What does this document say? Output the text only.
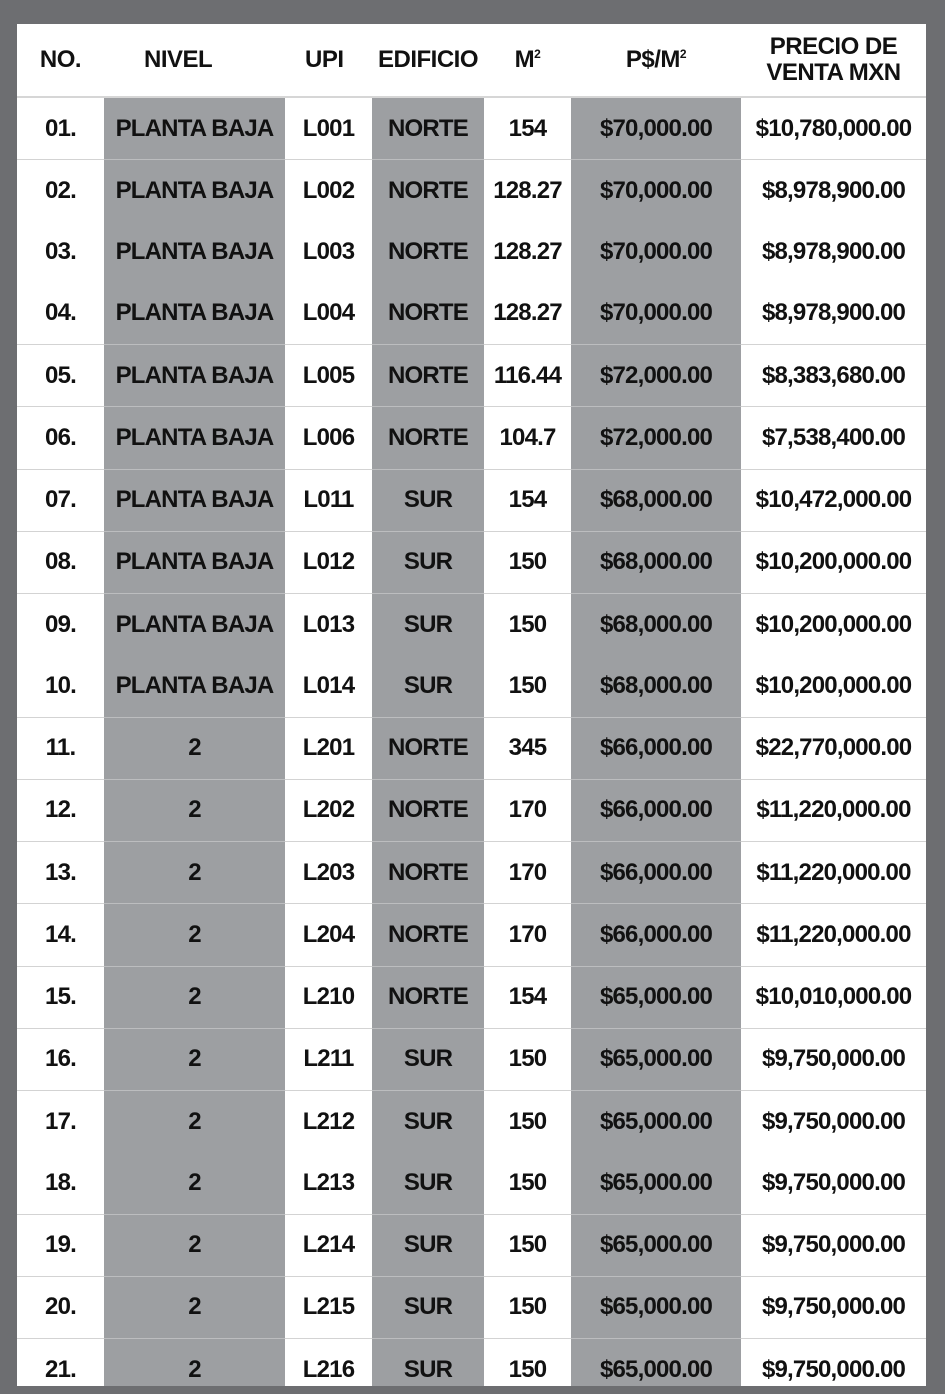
NO.	NIVEL	UPI	EDIFICIO	$M^2$	$P\$/M^2$	PRECIO DE
VENTA MXN

01.	PLANTA BAJA	L001	NORTE	154	$70,000.00	$10,780,000.00
02.	PLANTA BAJA	L002	NORTE	128.27	$70,000.00	$8,978,900.00
03.	PLANTA BAJA	L003	NORTE	128.27	$70,000.00	$8,978,900.00
04.	PLANTA BAJA	L004	NORTE	128.27	$70,000.00	$8,978,900.00
05.	PLANTA BAJA	L005	NORTE	116.44	$72,000.00	$8,383,680.00
06.	PLANTA BAJA	L006	NORTE	104.7	$72,000.00	$7,538,400.00
07.	PLANTA BAJA	L011	SUR	154	$68,000.00	$10,472,000.00
08.	PLANTA BAJA	L012	SUR	150	$68,000.00	$10,200,000.00
09.	PLANTA BAJA	L013	SUR	150	$68,000.00	$10,200,000.00
10.	PLANTA BAJA	L014	SUR	150	$68,000.00	$10,200,000.00
11.	2	L201	NORTE	345	$66,000.00	$22,770,000.00
12.	2	L202	NORTE	170	$66,000.00	$11,220,000.00
13.	2	L203	NORTE	170	$66,000.00	$11,220,000.00
14.	2	L204	NORTE	170	$66,000.00	$11,220,000.00
15.	2	L210	NORTE	154	$65,000.00	$10,010,000.00
16.	2	L211	SUR	150	$65,000.00	$9,750,000.00
17.	2	L212	SUR	150	$65,000.00	$9,750,000.00
18.	2	L213	SUR	150	$65,000.00	$9,750,000.00
19.	2	L214	SUR	150	$65,000.00	$9,750,000.00
20.	2	L215	SUR	150	$65,000.00	$9,750,000.00
21.	2	L216	SUR	150	$65,000.00	$9,750,000.00
